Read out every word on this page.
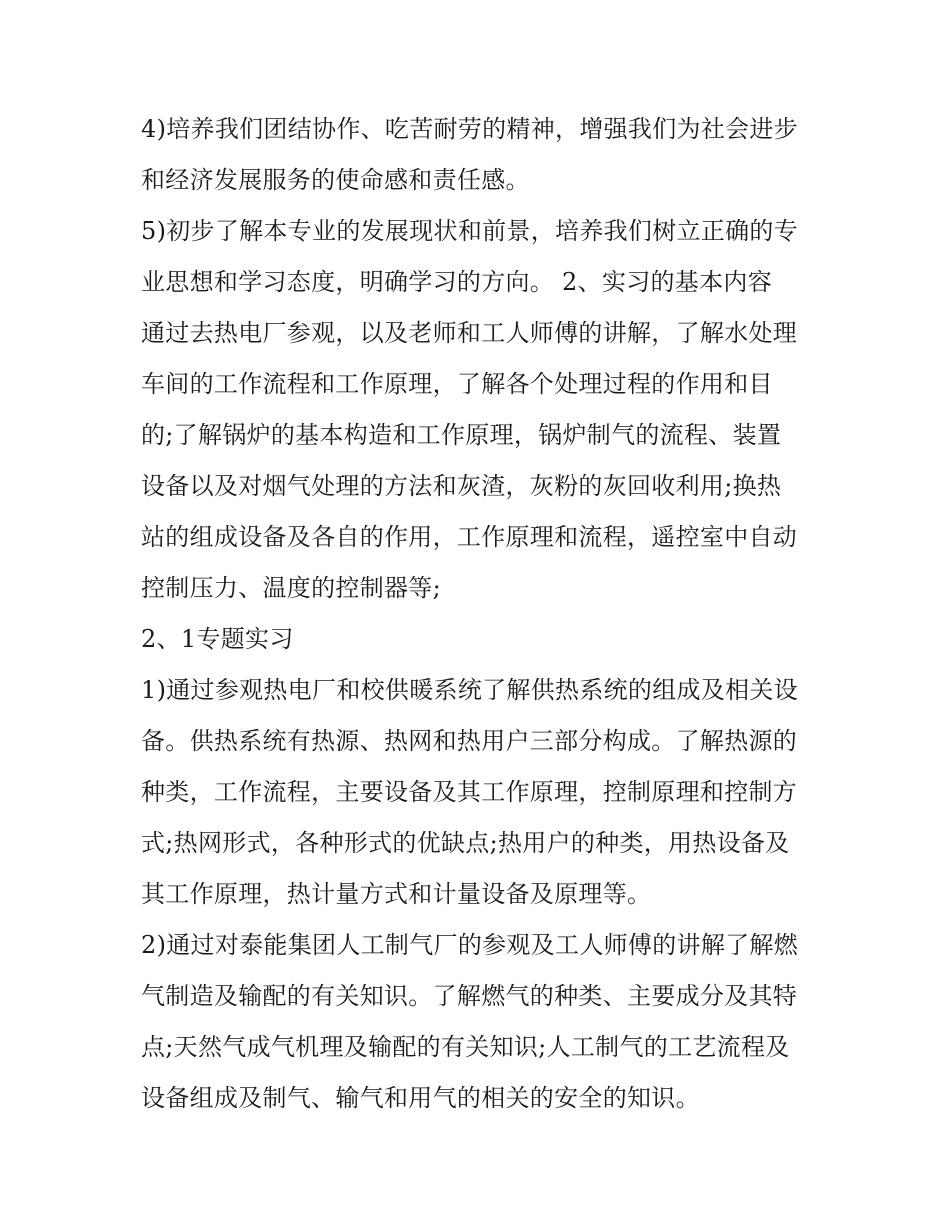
4)培养我们团结协作、吃苦耐劳的精神，增强我们为社会进步
和经济发展服务的使命感和责任感。

5)初步了解本专业的发展现状和前景，培养我们树立正确的专
业思想和学习态度，明确学习的方向。 2、实习的基本内容
通过去热电厂参观，以及老师和工人师傅的讲解，了解水处理
车间的工作流程和工作原理，了解各个处理过程的作用和目
的;了解锅炉的基本构造和工作原理，锅炉制气的流程、装置
设备以及对烟气处理的方法和灰渣，灰粉的灰回收利用;换热
站的组成设备及各自的作用，工作原理和流程，遥控室中自动
控制压力、温度的控制器等;

2、1专题实习

1)通过参观热电厂和校供暖系统了解供热系统的组成及相关设
备。供热系统有热源、热网和热用户三部分构成。了解热源的
种类，工作流程，主要设备及其工作原理，控制原理和控制方
式;热网形式，各种形式的优缺点;热用户的种类，用热设备及
其工作原理，热计量方式和计量设备及原理等。

2)通过对泰能集团人工制气厂的参观及工人师傅的讲解了解燃
气制造及输配的有关知识。了解燃气的种类、主要成分及其特
点;天然气成气机理及输配的有关知识;人工制气的工艺流程及
设备组成及制气、输气和用气的相关的安全的知识。
